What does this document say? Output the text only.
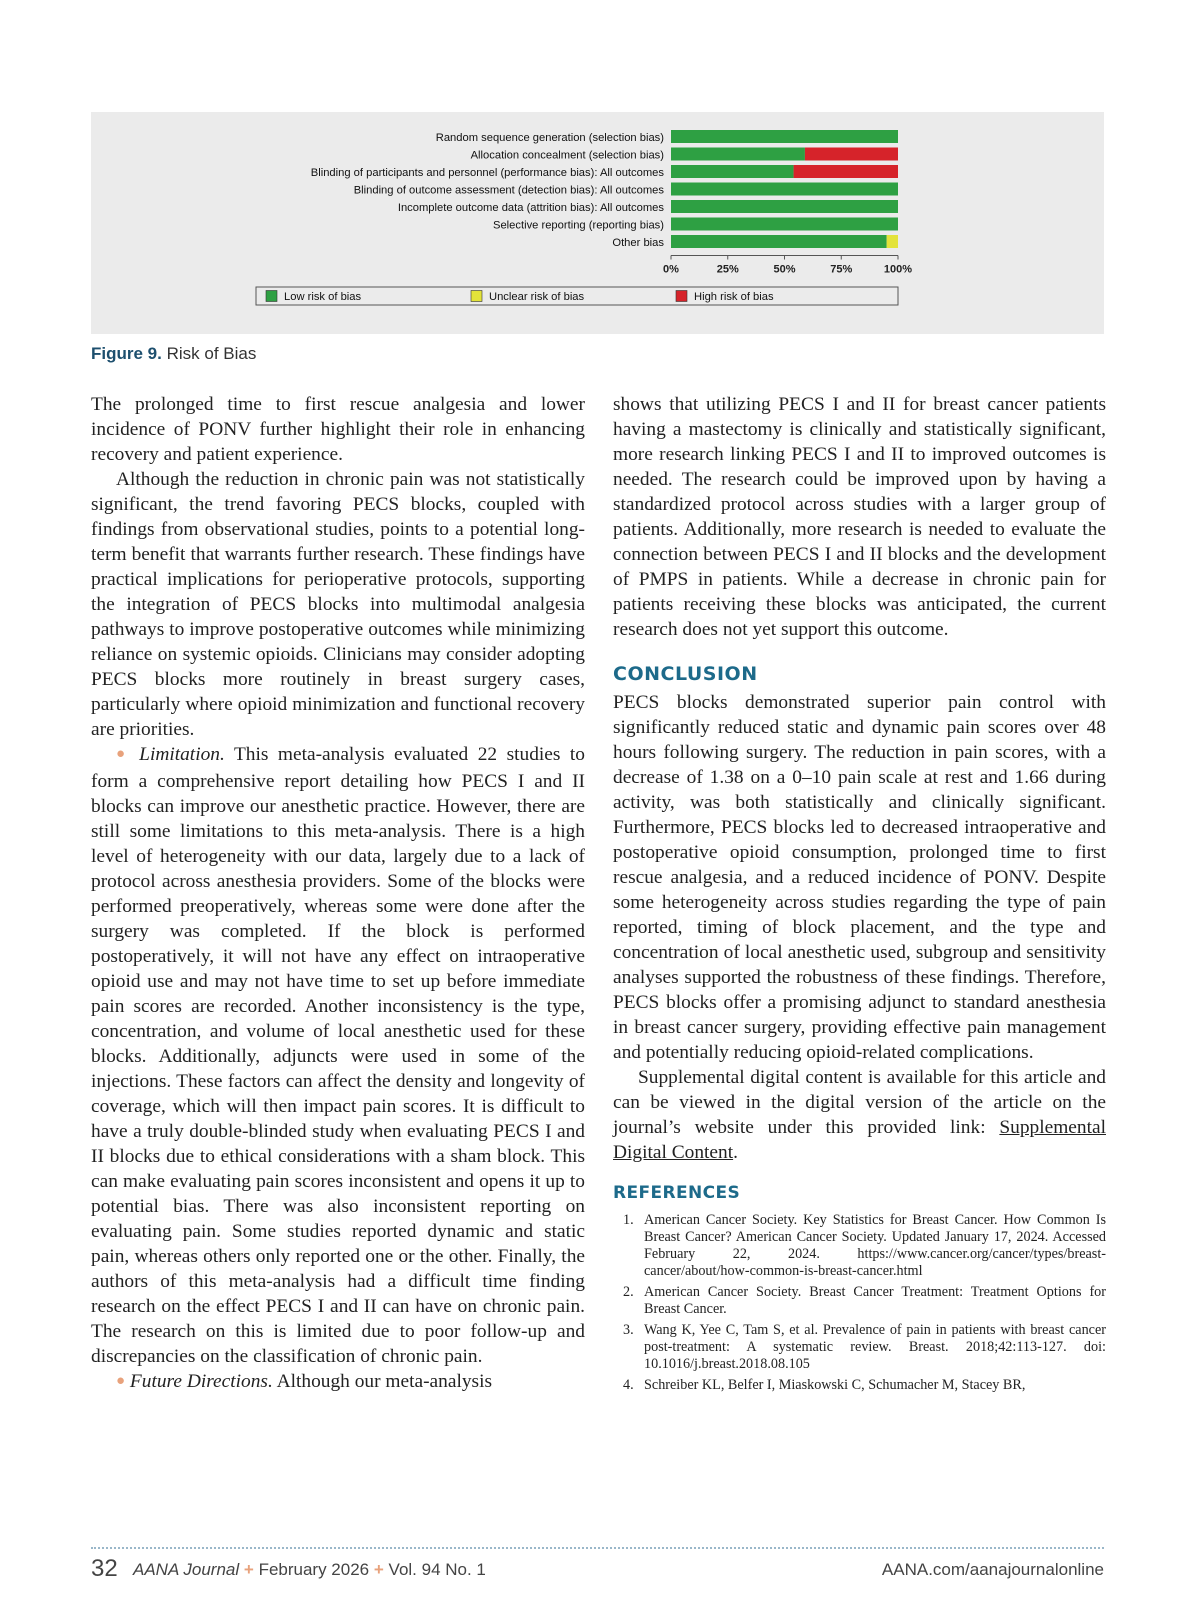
Random sequence generation (selection bias)
Allocation concealment (selection bias)
Blinding of participants and personnel (performance bias): All outcomes
Blinding of outcome assessment (detection bias): All outcomes
Incomplete outcome data (attrition bias): All outcomes
Selective reporting (reporting bias)
Other bias
0%	25%	50%	75%	100%
Low risk of bias	Unclear risk of bias	High risk of bias
Figure 9. Risk of Bias

The prolonged time to first rescue analgesia and lower incidence of PONV further highlight their role in enhancing recovery and patient experience.

Although the reduction in chronic pain was not statistically significant, the trend favoring PECS blocks, coupled with findings from observational studies, points to a potential long-term benefit that warrants further research. These findings have practical implications for perioperative protocols, supporting the integration of PECS blocks into multimodal analgesia pathways to improve postoperative outcomes while minimizing reliance on systemic opioids. Clinicians may consider adopting PECS blocks more routinely in breast surgery cases, particularly where opioid minimization and functional recovery are priorities.

● Limitation. This meta-analysis evaluated 22 studies to form a comprehensive report detailing how PECS I and II blocks can improve our anesthetic practice. However, there are still some limitations to this meta-analysis. There is a high level of heterogeneity with our data, largely due to a lack of protocol across anesthesia providers. Some of the blocks were performed preoperatively, whereas some were done after the surgery was completed. If the block is performed postoperatively, it will not have any effect on intraoperative opioid use and may not have time to set up before immediate pain scores are recorded. Another inconsistency is the type, concentration, and volume of local anesthetic used for these blocks. Additionally, adjuncts were used in some of the injections. These factors can affect the density and longevity of coverage, which will then impact pain scores. It is difficult to have a truly double-blinded study when evaluating PECS I and II blocks due to ethical considerations with a sham block. This can make evaluating pain scores inconsistent and opens it up to potential bias. There was also inconsistent reporting on evaluating pain. Some studies reported dynamic and static pain, whereas others only reported one or the other. Finally, the authors of this meta-analysis had a difficult time finding research on the effect PECS I and II can have on chronic pain. The research on this is limited due to poor follow-up and discrepancies on the classification of chronic pain.

● Future Directions. Although our meta-analysis

shows that utilizing PECS I and II for breast cancer patients having a mastectomy is clinically and statistically significant, more research linking PECS I and II to improved outcomes is needed. The research could be improved upon by having a standardized protocol across studies with a larger group of patients. Additionally, more research is needed to evaluate the connection between PECS I and II blocks and the development of PMPS in patients. While a decrease in chronic pain for patients receiving these blocks was anticipated, the current research does not yet support this outcome.

CONCLUSION

PECS blocks demonstrated superior pain control with significantly reduced static and dynamic pain scores over 48 hours following surgery. The reduction in pain scores, with a decrease of 1.38 on a 0–10 pain scale at rest and 1.66 during activity, was both statistically and clinically significant. Furthermore, PECS blocks led to decreased intraoperative and postoperative opioid consumption, prolonged time to first rescue analgesia, and a reduced incidence of PONV. Despite some heterogeneity across studies regarding the type of pain reported, timing of block placement, and the type and concentration of local anesthetic used, subgroup and sensitivity analyses supported the robustness of these findings. Therefore, PECS blocks offer a promising adjunct to standard anesthesia in breast cancer surgery, providing effective pain management and potentially reducing opioid-related complications.

Supplemental digital content is available for this article and can be viewed in the digital version of the article on the journal’s website under this provided link: Supplemental Digital Content.

REFERENCES
1. American Cancer Society. Key Statistics for Breast Cancer. How Common Is Breast Cancer? American Cancer Society. Updated January 17, 2024. Accessed February 22, 2024. https://www.cancer.org/cancer/types/breast-cancer/about/how-common-is-breast-cancer.html
2. American Cancer Society. Breast Cancer Treatment: Treatment Options for Breast Cancer.
3. Wang K, Yee C, Tam S, et al. Prevalence of pain in patients with breast cancer post-treatment: A systematic review. Breast. 2018;42:113-127. doi: 10.1016/j.breast.2018.08.105
4. Schreiber KL, Belfer I, Miaskowski C, Schumacher M, Stacey BR,
32 AANA Journal + February 2026 + Vol. 94 No. 1	AANA.com/aanajournalonline
